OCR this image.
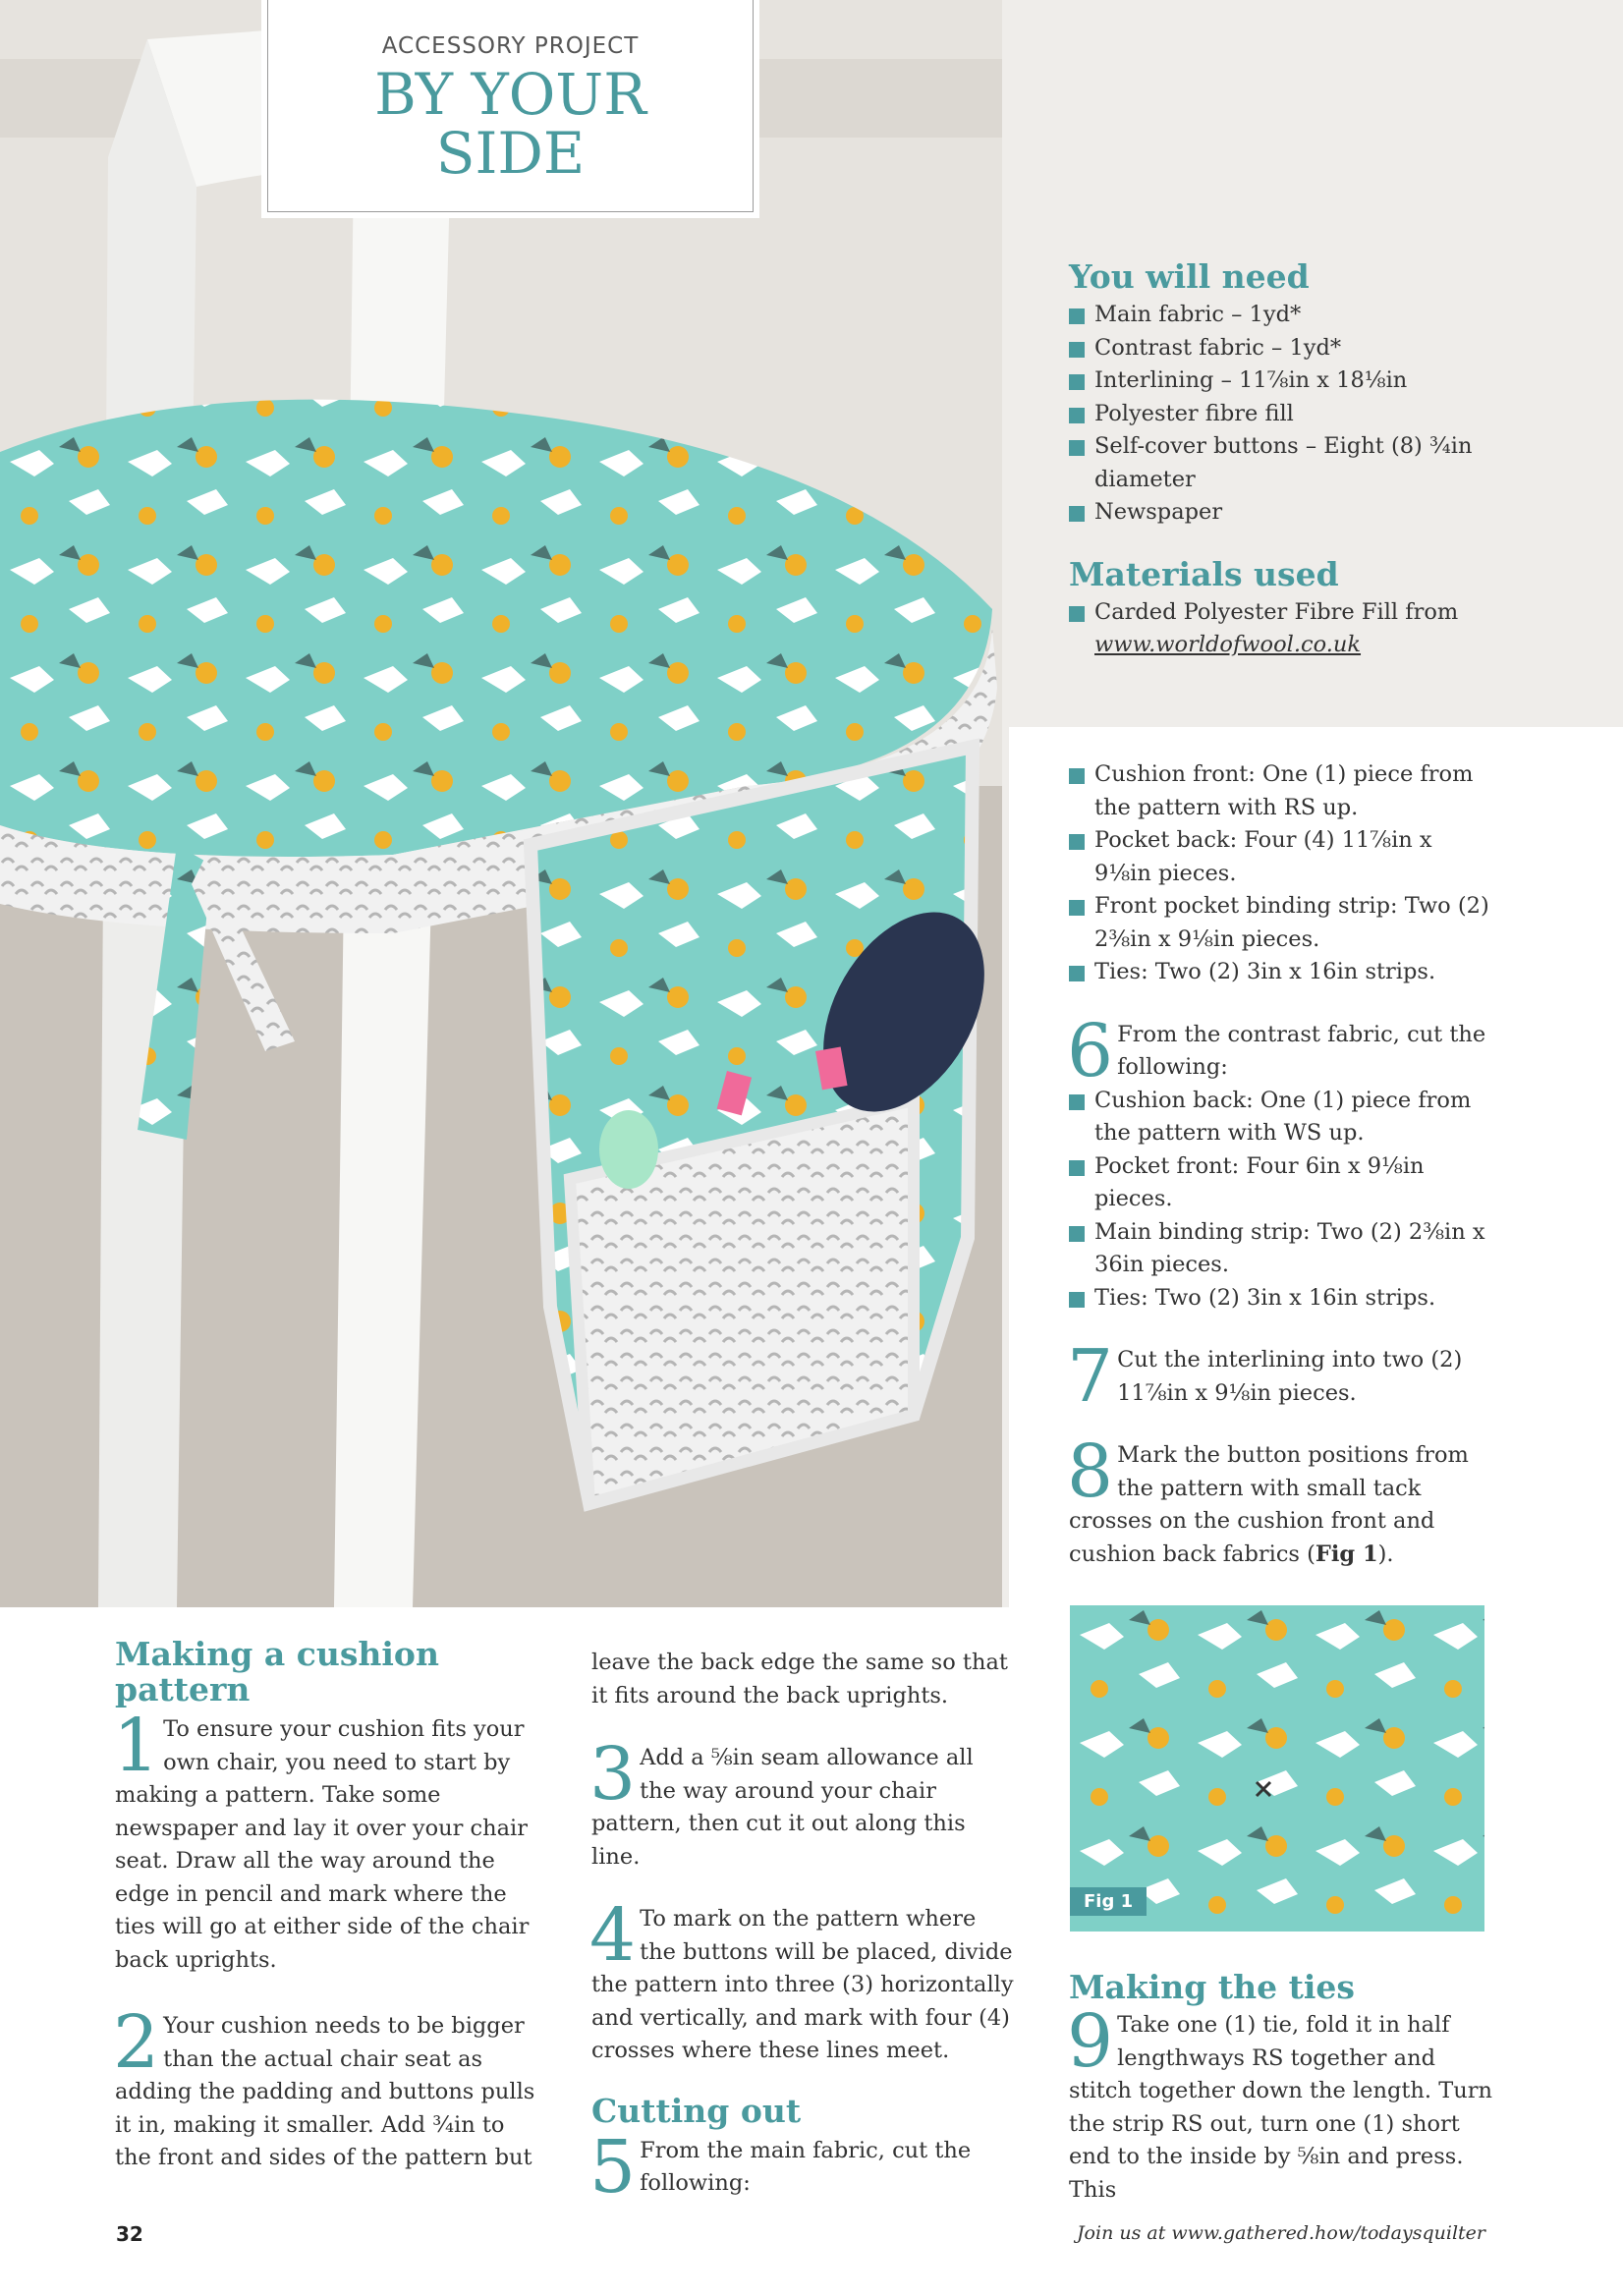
ACCESSORY PROJECT
BY YOUR
SIDE
You will need
Main fabric – 1yd*
Contrast fabric – 1yd*
Interlining – 11⅞in x 18⅛in
Polyester fibre fill
Self-cover buttons – Eight (8) ¾in diameter
Newspaper
Materials used
Carded Polyester Fibre Fill from
www.worldofwool.co.uk
Cushion front: One (1) piece from the pattern with RS up.
Pocket back: Four (4) 11⅞in x 9⅛in pieces.
Front pocket binding strip: Two (2) 2⅜in x 9⅛in pieces.
Ties: Two (2) 3in x 16in strips.
6 From the contrast fabric, cut the following:
Cushion back: One (1) piece from the pattern with WS up.
Pocket front: Four 6in x 9⅛in pieces.
Main binding strip: Two (2) 2⅜in x 36in pieces.
Ties: Two (2) 3in x 16in strips.
7 Cut the interlining into two (2) 11⅞in x 9⅛in pieces.
8 Mark the button positions from the pattern with small tack crosses on the cushion front and cushion back fabrics (Fig 1).
Fig 1
Making a cushion pattern
1 To ensure your cushion fits your own chair, you need to start by making a pattern. Take some newspaper and lay it over your chair seat. Draw all the way around the edge in pencil and mark where the ties will go at either side of the chair back uprights.
2 Your cushion needs to be bigger than the actual chair seat as adding the padding and buttons pulls it in, making it smaller. Add ¾in to the front and sides of the pattern but
leave the back edge the same so that it fits around the back uprights.
3 Add a ⅝in seam allowance all the way around your chair pattern, then cut it out along this line.
4 To mark on the pattern where the buttons will be placed, divide the pattern into three (3) horizontally and vertically, and mark with four (4) crosses where these lines meet.
Cutting out
5 From the main fabric, cut the following:
Making the ties
9 Take one (1) tie, fold it in half lengthways RS together and stitch together down the length. Turn the strip RS out, turn one (1) short end to the inside by ⅝in and press. This
32	Join us at www.gathered.how/todaysquilter
